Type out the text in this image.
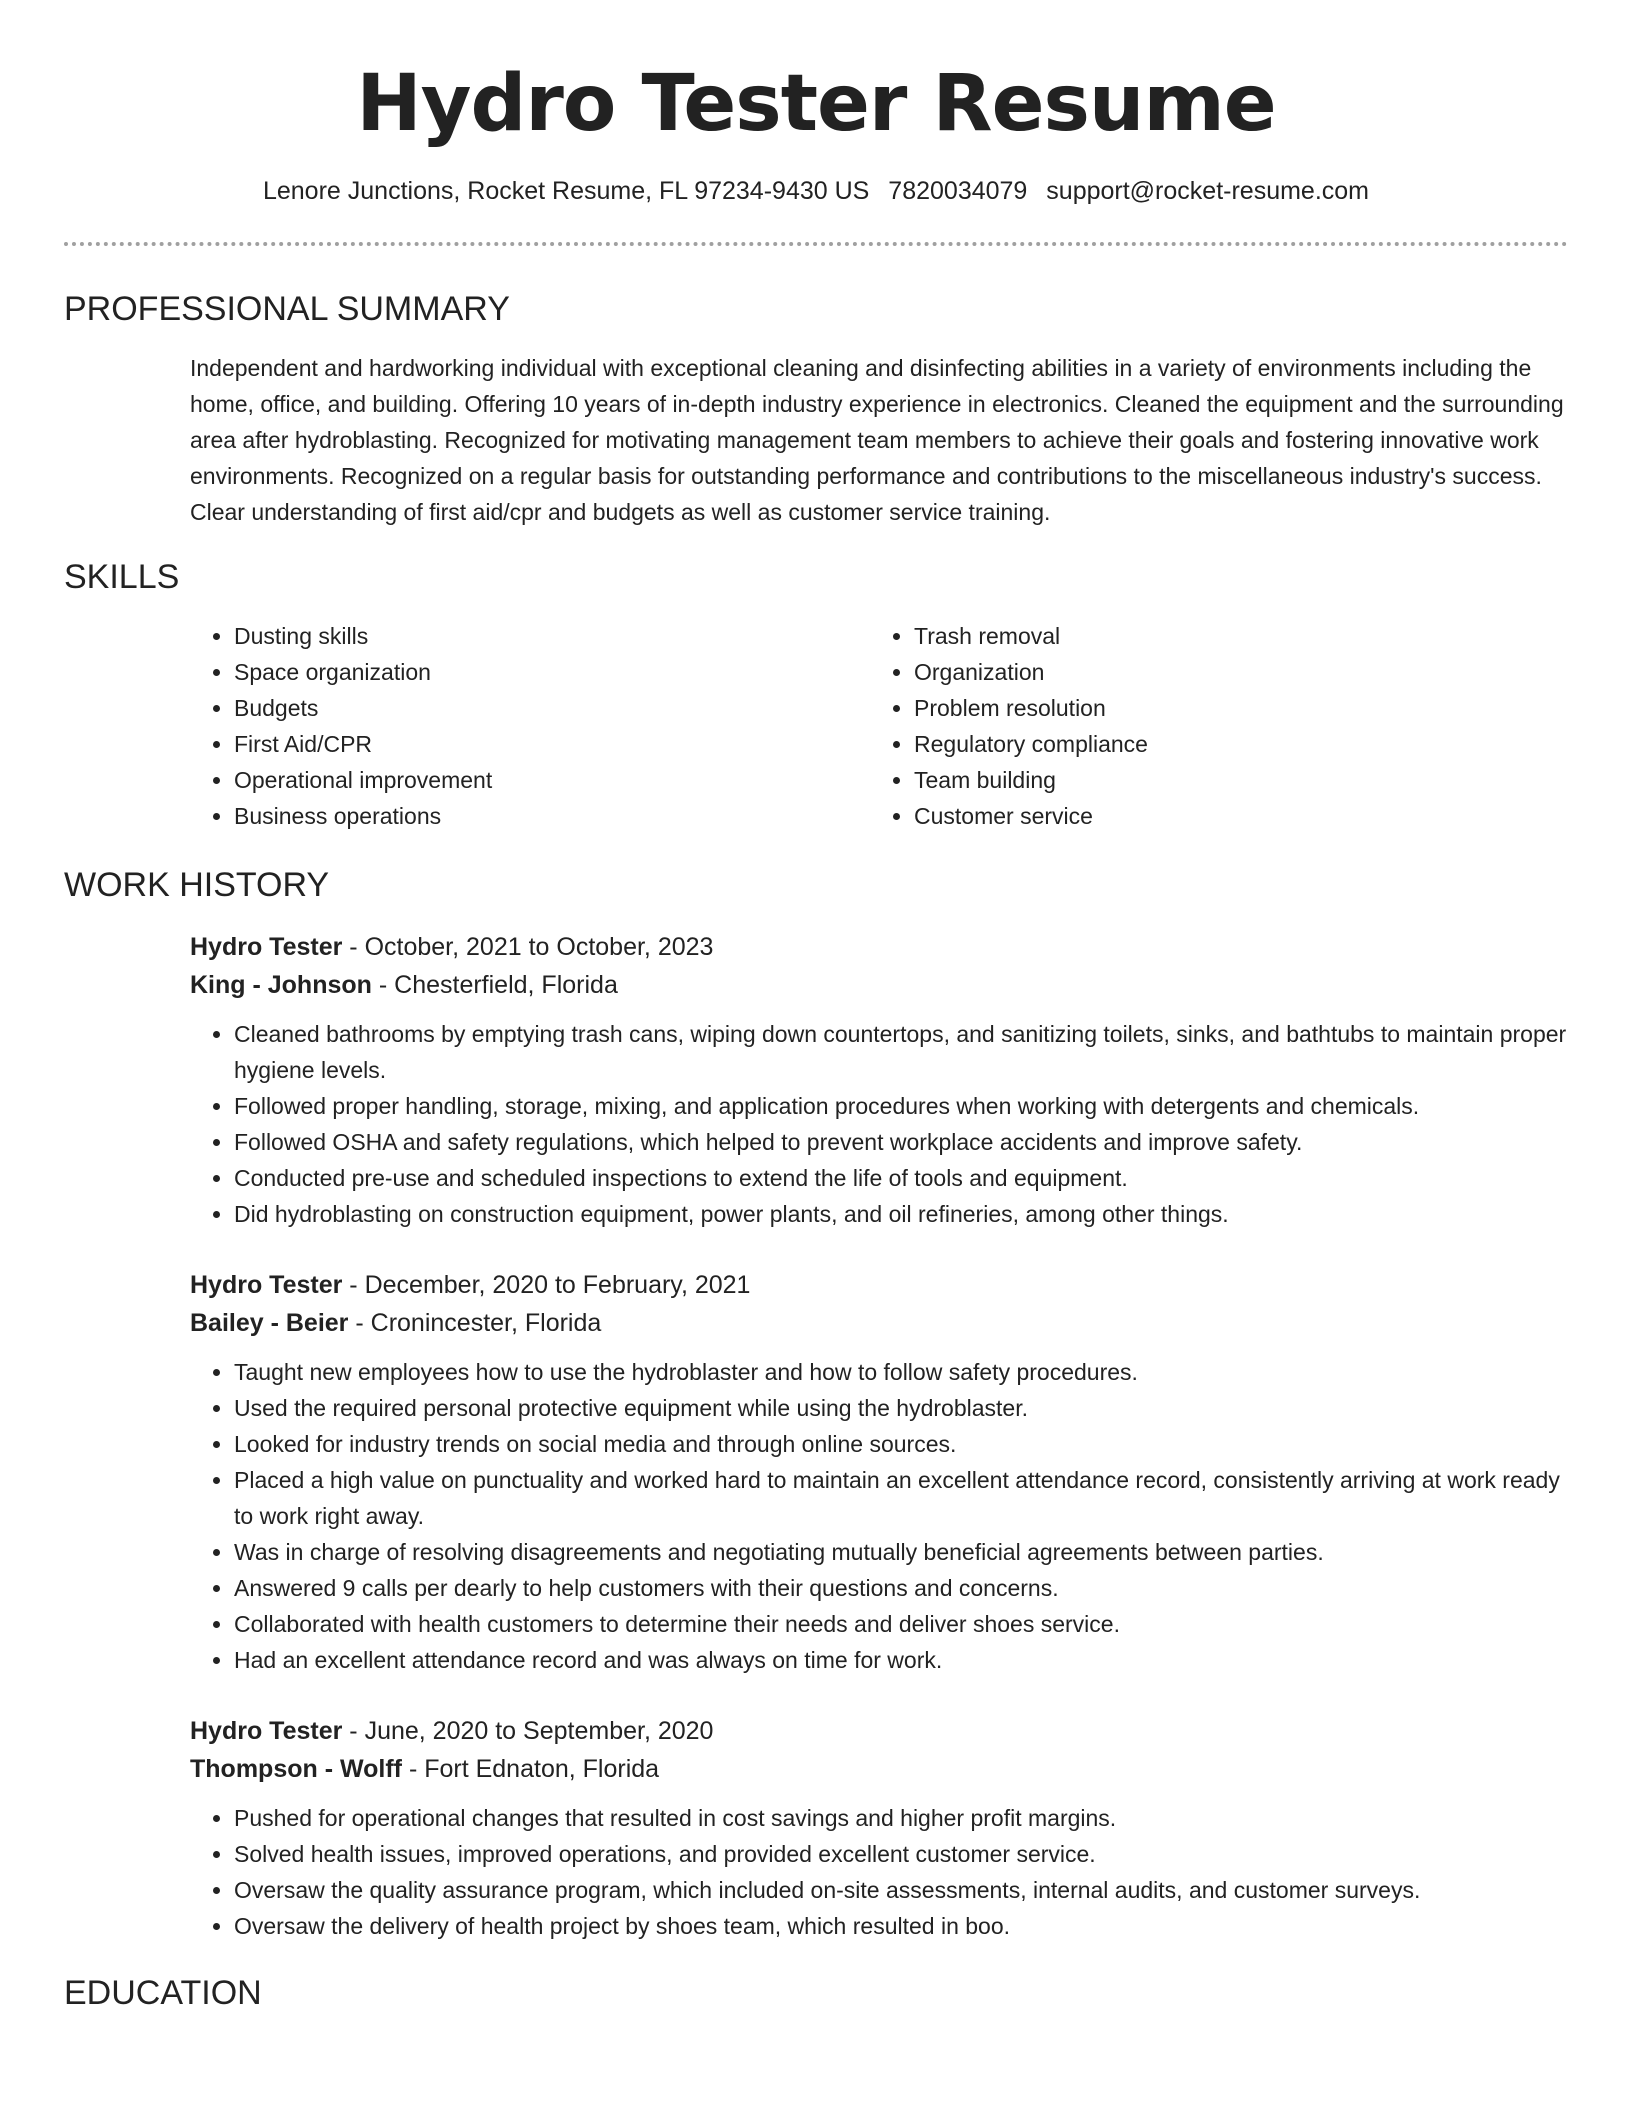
Hydro Tester Resume
Lenore Junctions, Rocket Resume, FL 97234-9430 US 7820034079 support@rocket-resume.com
PROFESSIONAL SUMMARY

Independent and hardworking individual with exceptional cleaning and disinfecting abilities in a variety of environments including the home, office, and building. Offering 10 years of in-depth industry experience in electronics. Cleaned the equipment and the surrounding area after hydroblasting. Recognized for motivating management team members to achieve their goals and fostering innovative work environments. Recognized on a regular basis for outstanding performance and contributions to the miscellaneous industry's success. Clear understanding of first aid/cpr and budgets as well as customer service training.

SKILLS
• Dusting skills
• Space organization
• Budgets
• First Aid/CPR
• Operational improvement
• Business operations
• Trash removal
• Organization
• Problem resolution
• Regulatory compliance
• Team building
• Customer service
WORK HISTORY
Hydro Tester - October, 2021 to October, 2023
King - Johnson - Chesterfield, Florida
• Cleaned bathrooms by emptying trash cans, wiping down countertops, and sanitizing toilets, sinks, and bathtubs to maintain proper hygiene levels.
• Followed proper handling, storage, mixing, and application procedures when working with detergents and chemicals.
• Followed OSHA and safety regulations, which helped to prevent workplace accidents and improve safety.
• Conducted pre-use and scheduled inspections to extend the life of tools and equipment.
• Did hydroblasting on construction equipment, power plants, and oil refineries, among other things.
Hydro Tester - December, 2020 to February, 2021
Bailey - Beier - Cronincester, Florida
• Taught new employees how to use the hydroblaster and how to follow safety procedures.
• Used the required personal protective equipment while using the hydroblaster.
• Looked for industry trends on social media and through online sources.
• Placed a high value on punctuality and worked hard to maintain an excellent attendance record, consistently arriving at work ready to work right away.
• Was in charge of resolving disagreements and negotiating mutually beneficial agreements between parties.
• Answered 9 calls per dearly to help customers with their questions and concerns.
• Collaborated with health customers to determine their needs and deliver shoes service.
• Had an excellent attendance record and was always on time for work.
Hydro Tester - June, 2020 to September, 2020
Thompson - Wolff - Fort Ednaton, Florida
• Pushed for operational changes that resulted in cost savings and higher profit margins.
• Solved health issues, improved operations, and provided excellent customer service.
• Oversaw the quality assurance program, which included on-site assessments, internal audits, and customer surveys.
• Oversaw the delivery of health project by shoes team, which resulted in boo.
EDUCATION
